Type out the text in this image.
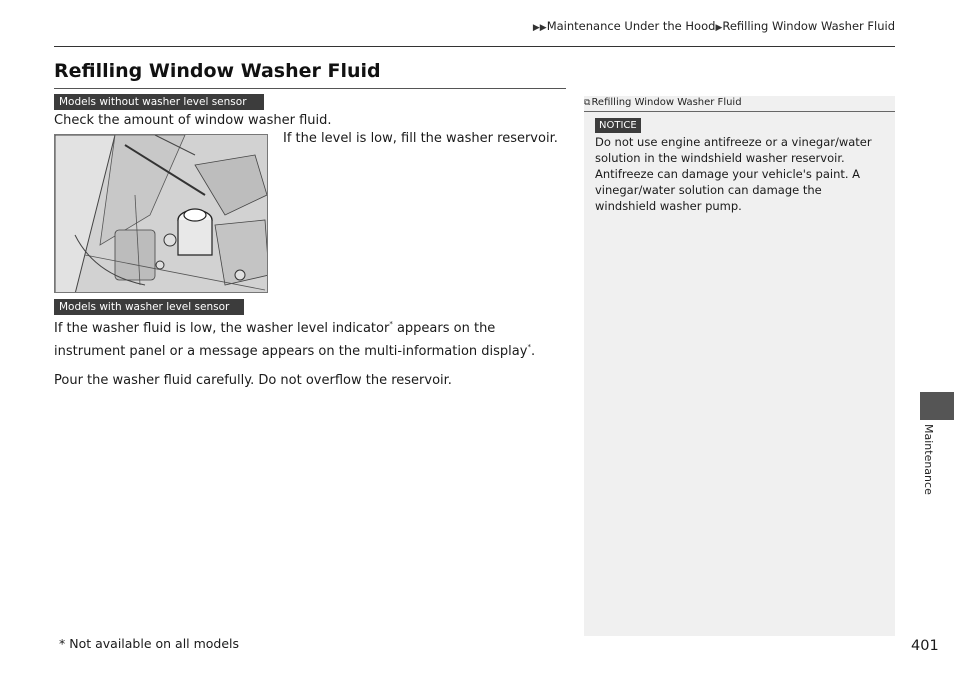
▶▶Maintenance Under the Hood▶Refilling Window Washer Fluid
Refilling Window Washer Fluid
Models without washer level sensor
Check the amount of window washer fluid.
If the level is low, fill the washer reservoir.
Models with washer level sensor
If the washer fluid is low, the washer level indicator* appears on the instrument panel or a message appears on the multi-information display*.
Pour the washer fluid carefully. Do not overflow the reservoir.
⧉Refilling Window Washer Fluid
NOTICE
Do not use engine antifreeze or a vinegar/water solution in the windshield washer reservoir. Antifreeze can damage your vehicle's paint. A vinegar/water solution can damage the windshield washer pump.
* Not available on all models	401
Maintenance
